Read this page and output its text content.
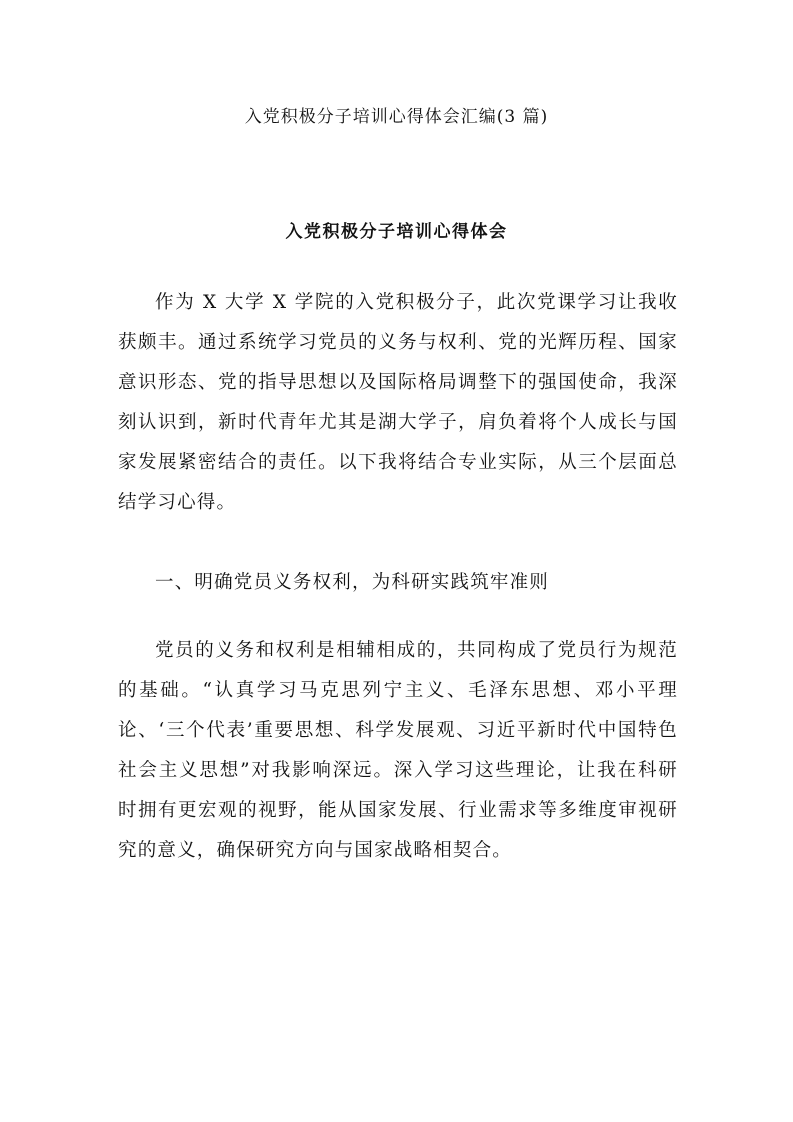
入党积极分子培训心得体会汇编(3 篇)
入党积极分子培训心得体会

作为 X 大学 X 学院的入党积极分子，此次党课学习让我收获颇丰。通过系统学习党员的义务与权利、党的光辉历程、国家意识形态、党的指导思想以及国际格局调整下的强国使命，我深刻认识到，新时代青年尤其是湖大学子，肩负着将个人成长与国家发展紧密结合的责任。以下我将结合专业实际，从三个层面总结学习心得。

一、明确党员义务权利，为科研实践筑牢准则

党员的义务和权利是相辅相成的，共同构成了党员行为规范的基础。“认真学习马克思列宁主义、毛泽东思想、邓小平理论、‘三个代表’重要思想、科学发展观、习近平新时代中国特色社会主义思想”对我影响深远。深入学习这些理论，让我在科研时拥有更宏观的视野，能从国家发展、行业需求等多维度审视研究的意义，确保研究方向与国家战略相契合。
